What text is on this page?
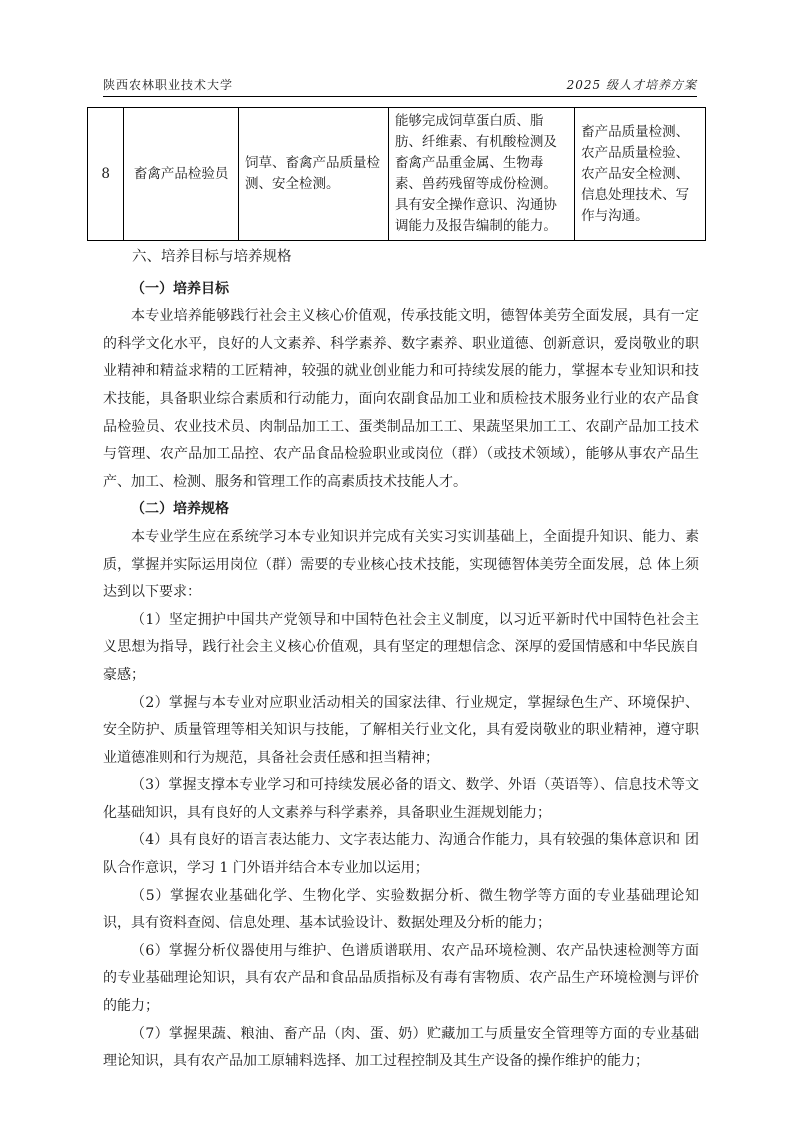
陕西农林职业技术大学	2025 级人才培养方案
8	畜禽产品检验员	饲草、畜禽产品质量检测、安全检测。	能够完成饲草蛋白质、脂肪、纤维素、有机酸检测及畜禽产品重金属、生物毒素、兽药残留等成份检测。具有安全操作意识、沟通协调能力及报告编制的能力。	畜产品质量检测、农产品质量检验、农产品安全检测、信息处理技术、写作与沟通。

六、培养目标与培养规格

（一）培养目标

本专业培养能够践行社会主义核心价值观，传承技能文明，德智体美劳全面发展，具有一定的科学文化水平，良好的人文素养、科学素养、数字素养、职业道德、创新意识，爱岗敬业的职业精神和精益求精的工匠精神，较强的就业创业能力和可持续发展的能力，掌握本专业知识和技术技能，具备职业综合素质和行动能力，面向农副食品加工业和质检技术服务业行业的农产品食品检验员、农业技术员、肉制品加工工、蛋类制品加工工、果蔬坚果加工工、农副产品加工技术与管理、农产品加工品控、农产品食品检验职业或岗位（群）（或技术领域），能够从事农产品生产、加工、检测、服务和管理工作的高素质技术技能人才。

（二）培养规格

本专业学生应在系统学习本专业知识并完成有关实习实训基础上，全面提升知识、能力、素质，掌握并实际运用岗位（群）需要的专业核心技术技能，实现德智体美劳全面发展，总 体上须达到以下要求：

（1）坚定拥护中国共产党领导和中国特色社会主义制度，以习近平新时代中国特色社会主义思想为指导，践行社会主义核心价值观，具有坚定的理想信念、深厚的爱国情感和中华民族自豪感；

（2）掌握与本专业对应职业活动相关的国家法律、行业规定，掌握绿色生产、环境保护、安全防护、质量管理等相关知识与技能，了解相关行业文化，具有爱岗敬业的职业精神，遵守职业道德准则和行为规范，具备社会责任感和担当精神；

（3）掌握支撑本专业学习和可持续发展必备的语文、数学、外语（英语等）、信息技术等文化基础知识，具有良好的人文素养与科学素养，具备职业生涯规划能力；

（4）具有良好的语言表达能力、文字表达能力、沟通合作能力，具有较强的集体意识和 团队合作意识，学习 1 门外语并结合本专业加以运用；

（5）掌握农业基础化学、生物化学、实验数据分析、微生物学等方面的专业基础理论知识，具有资料查阅、信息处理、基本试验设计、数据处理及分析的能力；

（6）掌握分析仪器使用与维护、色谱质谱联用、农产品环境检测、农产品快速检测等方面的专业基础理论知识，具有农产品和食品品质指标及有毒有害物质、农产品生产环境检测与评价的能力；

（7）掌握果蔬、粮油、畜产品（肉、蛋、奶）贮藏加工与质量安全管理等方面的专业基础理论知识，具有农产品加工原辅料选择、加工过程控制及其生产设备的操作维护的能力；
